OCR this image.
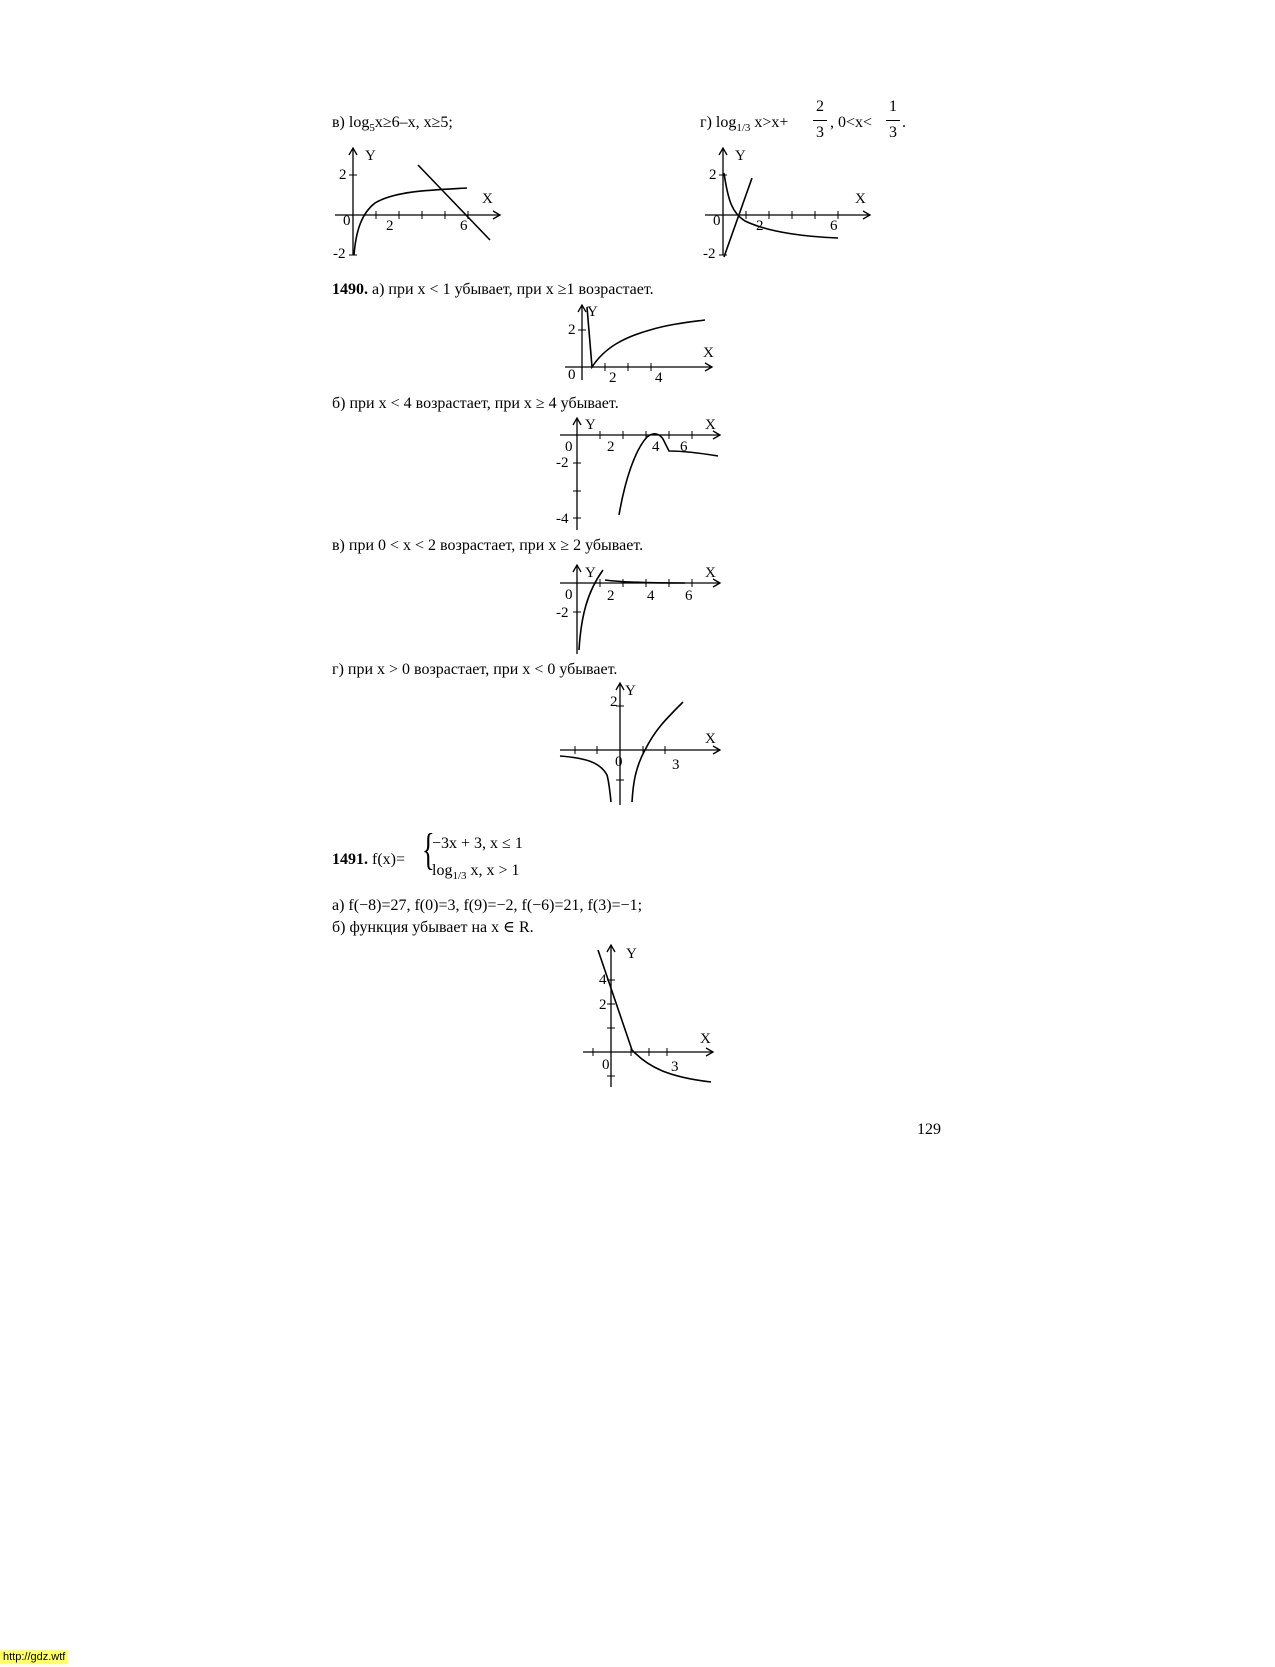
в) $\log_5x\ge 6-x$, x≥5;	г) $\log_{1/3} x>x+$
2
3
, 0<x<
1
3
.
Y
X
2
0 2	6
-2
Y
X
2
0 2	6
-2
1490. а) при x < 1 убывает, при x ≥1 возрастает.
Y
X
2
0 2	4
б) при x < 4 возрастает, при x ≥ 4 убывает.
Y	X
0 2	4 6
-2
-4
в) при 0 < x < 2 возрастает, при x ≥ 2 убывает.
Y	X
0 2 4 6
-2
г) при x > 0 возрастает, при x < 0 убывает.
Y
X
2
0	3
1491. f(x)= {
−3x + 3, x ≤ 1
$\log_{1/3} x$, x > 1
а) f(−8)=27, f(0)=3, f(9)=−2, f(−6)=21, f(3)=−1;
б) функция убывает на x ∈ R.
Y
X
4
2
0	3
129
http://gdz.wtf
